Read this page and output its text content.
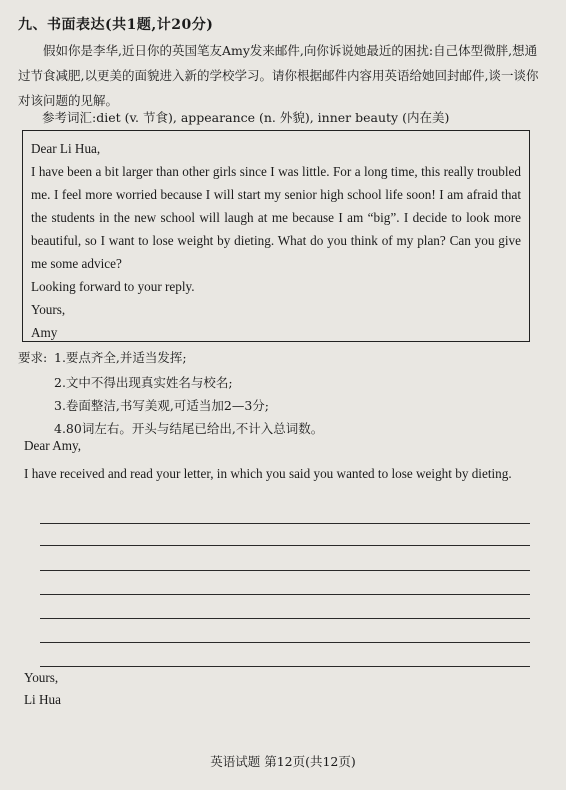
九、书面表达(共1题,计20分)

假如你是李华,近日你的英国笔友Amy发来邮件,向你诉说她最近的困扰:自己体型微胖,想通过节食减肥,以更美的面貌进入新的学校学习。请你根据邮件内容用英语给她回封邮件,谈一谈你对该问题的见解。

参考词汇:diet (v. 节食), appearance (n. 外貌), inner beauty (内在美)

Dear Li Hua,

I have been a bit larger than other girls since I was little. For a long time, this really troubled me. I feel more worried because I will start my senior high school life soon! I am afraid that the students in the new school will laugh at me because I am “big”. I decide to look more beautiful, so I want to lose weight by dieting. What do you think of my plan? Can you give me some advice?

Looking forward to your reply.

Yours,

Amy

要求: 1.要点齐全,并适当发挥;
2.文中不得出现真实姓名与校名;
3.卷面整洁,书写美观,可适当加2—3分;
4.80词左右。开头与结尾已给出,不计入总词数。
Dear Amy,

I have received and read your letter, in which you said you wanted to lose weight by dieting.

Yours,
Li Hua
英语试题 第12页(共12页)
